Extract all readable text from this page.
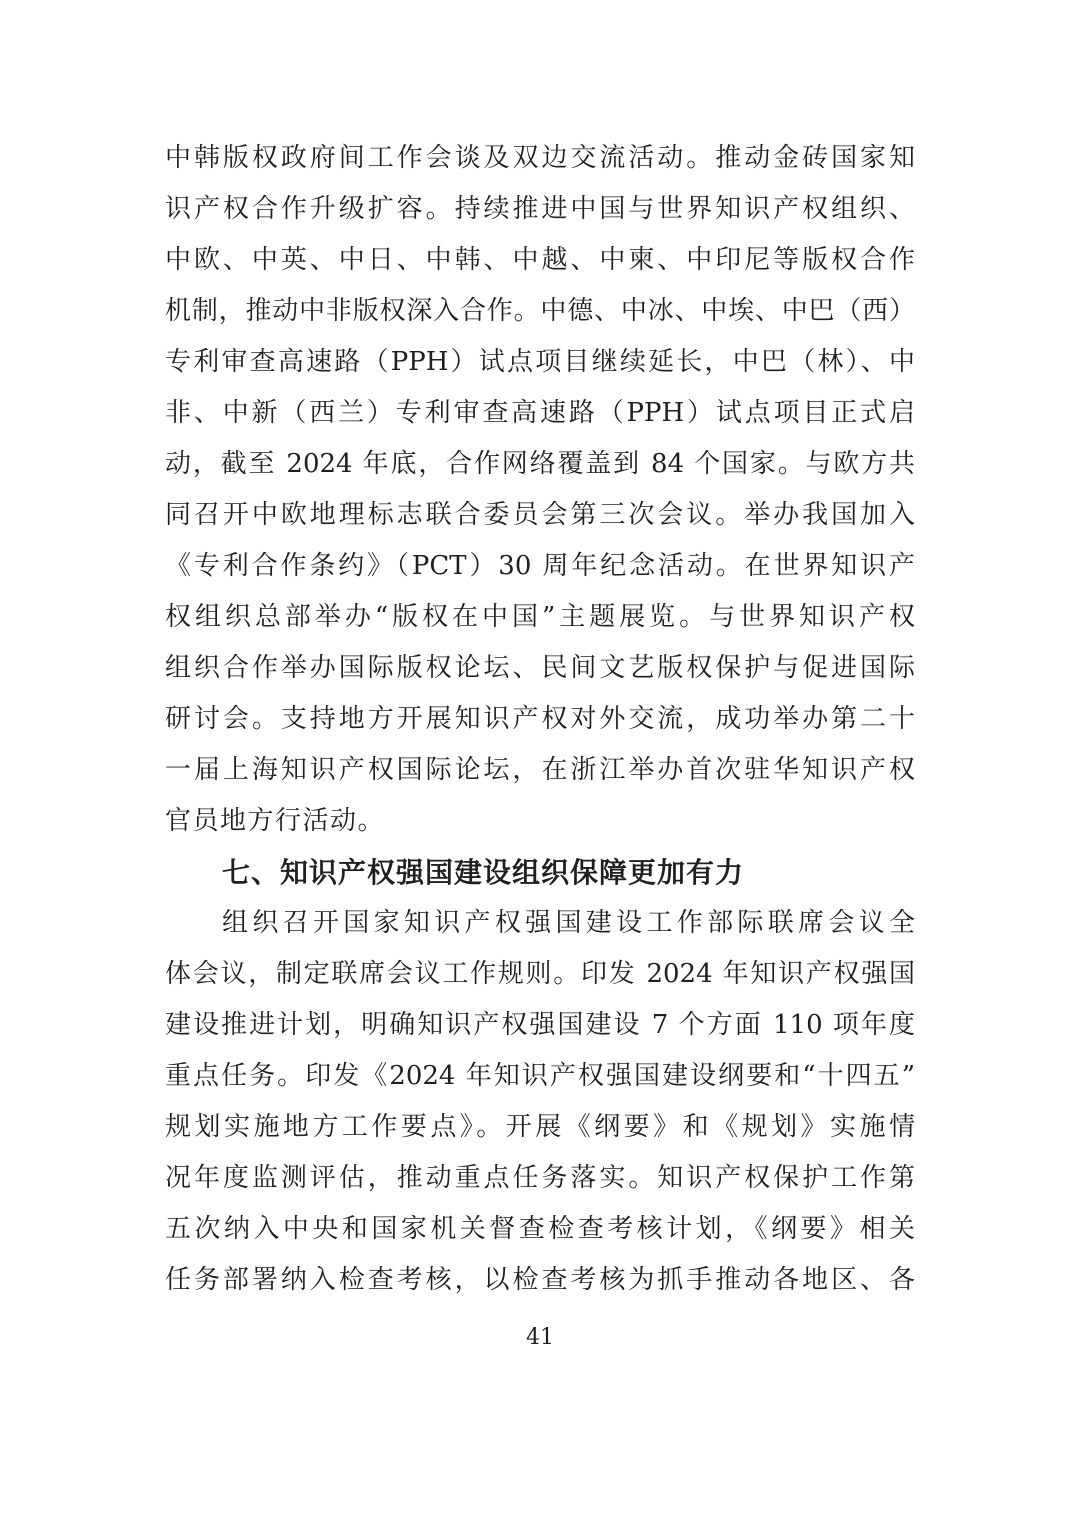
中韩版权政府间工作会谈及双边交流活动。推动金砖国家知
识产权合作升级扩容。持续推进中国与世界知识产权组织、
中欧、中英、中日、中韩、中越、中柬、中印尼等版权合作
机制，推动中非版权深入合作。中德、中冰、中埃、中巴（西）
专利审查高速路（PPH）试点项目继续延长，中巴（林）、中
非、中新（西兰）专利审查高速路（PPH）试点项目正式启
动，截至 2024 年底，合作网络覆盖到 84 个国家。与欧方共
同召开中欧地理标志联合委员会第三次会议。举办我国加入
《专利合作条约》（PCT）30 周年纪念活动。在世界知识产
权组织总部举办“版权在中国”主题展览。与世界知识产权
组织合作举办国际版权论坛、民间文艺版权保护与促进国际
研讨会。支持地方开展知识产权对外交流，成功举办第二十
一届上海知识产权国际论坛，在浙江举办首次驻华知识产权
官员地方行活动。
七、知识产权强国建设组织保障更加有力
组织召开国家知识产权强国建设工作部际联席会议全
体会议，制定联席会议工作规则。印发 2024 年知识产权强国
建设推进计划，明确知识产权强国建设 7 个方面 110 项年度
重点任务。印发《2024 年知识产权强国建设纲要和“十四五”
规划实施地方工作要点》。开展《纲要》和《规划》实施情
况年度监测评估，推动重点任务落实。知识产权保护工作第
五次纳入中央和国家机关督查检查考核计划，《纲要》相关
任务部署纳入检查考核，以检查考核为抓手推动各地区、各
41
